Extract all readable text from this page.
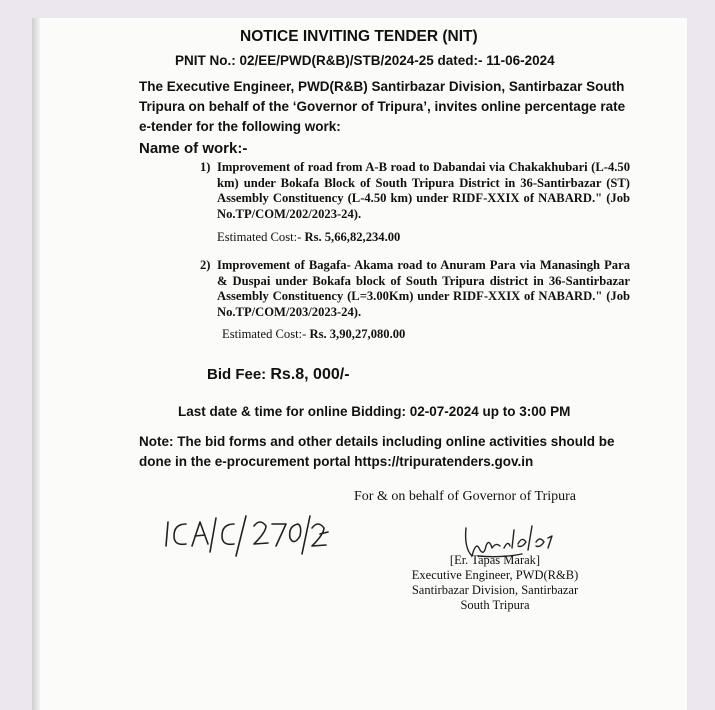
NOTICE INVITING TENDER (NIT)
PNIT No.: 02/EE/PWD(R&B)/STB/2024-25 dated:- 11-06-2024
The Executive Engineer, PWD(R&B) Santirbazar Division, Santirbazar South Tripura on behalf of the ‘Governor of Tripura’, invites online percentage rate e-tender for the following work:
Name of work:-
1) Improvement of road from A-B road to Dabandai via Chakakhubari (L-4.50 km) under Bokafa Block of South Tripura District in 36-Santirbazar (ST) Assembly Constituency (L-4.50 km) under RIDF-XXIX of NABARD." (Job No.TP/COM/202/2023-24).
Estimated Cost:- Rs. 5,66,82,234.00
2) Improvement of Bagafa- Akama road to Anuram Para via Manasingh Para & Duspai under Bokafa block of South Tripura district in 36-Santirbazar Assembly Constituency (L=3.00Km) under RIDF-XXIX of NABARD." (Job No.TP/COM/203/2023-24).
Estimated Cost:- Rs. 3,90,27,080.00
Bid Fee: Rs.8, 000/-
Last date & time for online Bidding: 02-07-2024 up to 3:00 PM
Note: The bid forms and other details including online activities should be done in the e-procurement portal https://tripuratenders.gov.in
For & on behalf of Governor of Tripura
[Er. Tapas Marak]
Executive Engineer, PWD(R&B)
Santirbazar Division, Santirbazar
South Tripura
